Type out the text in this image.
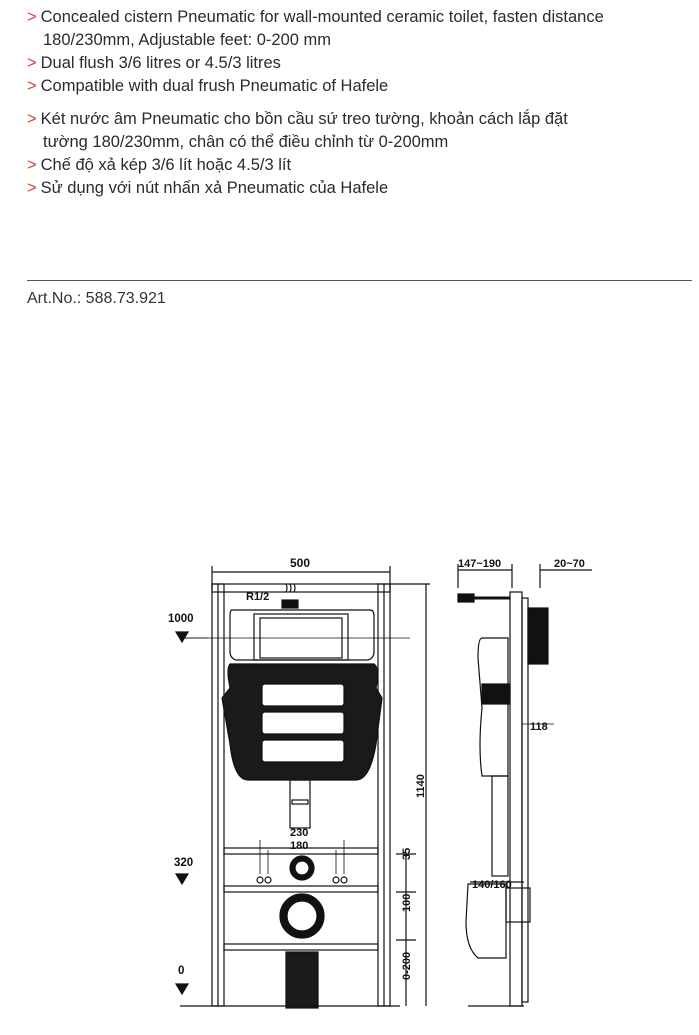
> Concealed cistern Pneumatic for wall-mounted ceramic toilet, fasten distance
180/230mm, Adjustable feet: 0-200 mm
> Dual flush 3/6 litres or 4.5/3 litres
> Compatible with dual frush Pneumatic of Hafele
> Két nước âm Pneumatic cho bồn cầu sứ treo tường, khoản cách lắp đặt
tường 180/230mm, chân có thể điều chỉnh từ 0-200mm
> Chế độ xả kép 3/6 lít hoặc 4.5/3 lít
> Sử dụng với nút nhấn xả Pneumatic của Hafele
Art.No.: 588.73.921
500
R1/2
1000
320
0
230
180
1140
35
100
0-200
147~190	20~70
118
140/160
